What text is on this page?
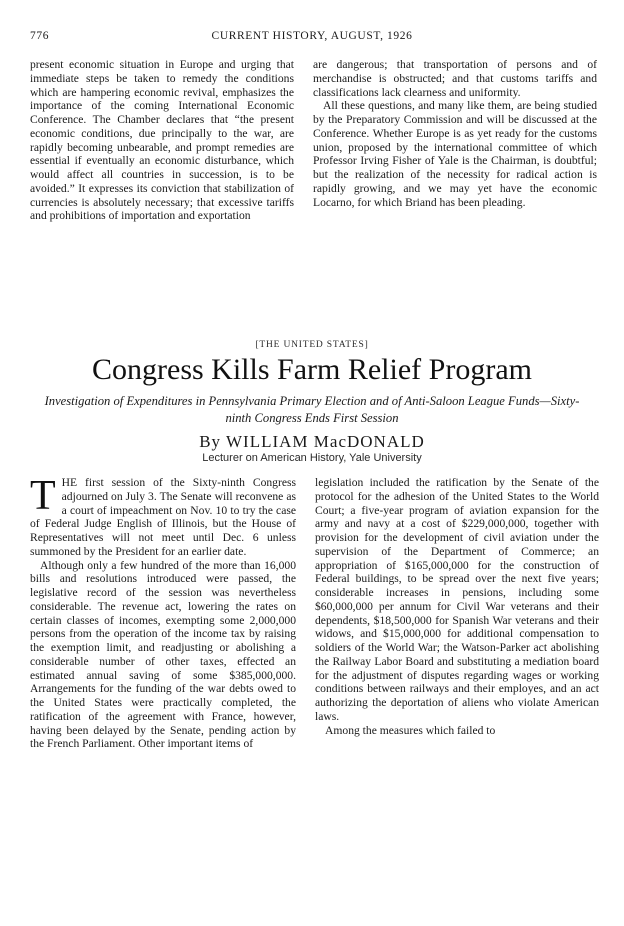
776	CURRENT HISTORY, AUGUST, 1926

present economic situation in Europe and urging that immediate steps be taken to remedy the conditions which are hampering economic revival, emphasizes the importance of the coming International Economic Conference. The Chamber declares that “the present economic conditions, due principally to the war, are rapidly becoming unbearable, and prompt remedies are essential if eventually an economic disturbance, which would affect all countries in succession, is to be avoided.” It expresses its conviction that stabilization of currencies is absolutely necessary; that excessive tariffs and prohibitions of importation and exportation

are dangerous; that transportation of persons and of merchandise is obstructed; and that customs tariffs and classifications lack clearness and uniformity.

All these questions, and many like them, are being studied by the Preparatory Commission and will be discussed at the Conference. Whether Europe is as yet ready for the customs union, proposed by the international committee of which Professor Irving Fisher of Yale is the Chairman, is doubtful; but the realization of the necessity for radical action is rapidly growing, and we may yet have the economic Locarno, for which Briand has been pleading.

[THE UNITED STATES]
Congress Kills Farm Relief Program
Investigation of Expenditures in Pennsylvania Primary Election and of Anti-Saloon League Funds—Sixty-ninth Congress Ends First Session
By WILLIAM MacDONALD
Lecturer on American History, Yale University

THE first session of the Sixty-ninth Congress adjourned on July 3. The Senate will reconvene as a court of impeachment on Nov. 10 to try the case of Federal Judge English of Illinois, but the House of Representatives will not meet until Dec. 6 unless summoned by the President for an earlier date.

Although only a few hundred of the more than 16,000 bills and resolutions introduced were passed, the legislative record of the session was nevertheless considerable. The revenue act, lowering the rates on certain classes of incomes, exempting some 2,000,000 persons from the operation of the income tax by raising the exemption limit, and readjusting or abolishing a considerable number of other taxes, effected an estimated annual saving of some $385,000,000. Arrangements for the funding of the war debts owed to the United States were practically completed, the ratification of the agreement with France, however, having been delayed by the Senate, pending action by the French Parliament. Other important items of

legislation included the ratification by the Senate of the protocol for the adhesion of the United States to the World Court; a five-year program of aviation expansion for the army and navy at a cost of $229,000,000, together with provision for the development of civil aviation under the supervision of the Department of Commerce; an appropriation of $165,000,000 for the construction of Federal buildings, to be spread over the next five years; considerable increases in pensions, including some $60,000,000 per annum for Civil War veterans and their dependents, $18,500,000 for Spanish War veterans and their widows, and $15,000,000 for additional compensation to soldiers of the World War; the Watson-Parker act abolishing the Railway Labor Board and substituting a mediation board for the adjustment of disputes regarding wages or working conditions between railways and their employes, and an act authorizing the deportation of aliens who violate American laws.

Among the measures which failed to
